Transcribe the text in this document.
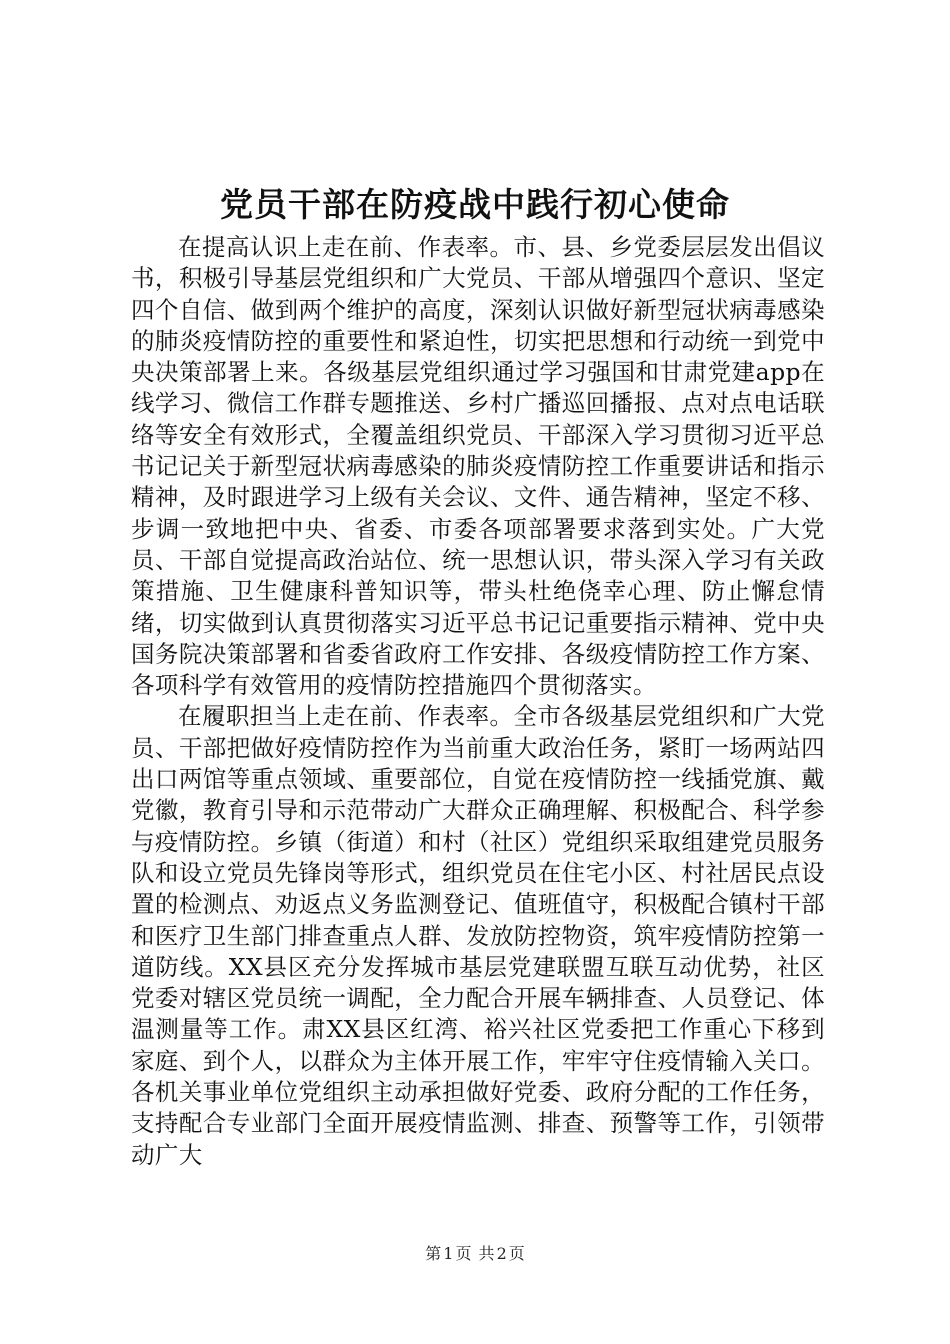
党员干部在防疫战中践行初心使命

在提高认识上走在前、作表率。市、县、乡党委层层发出倡议书，积极引导基层党组织和广大党员、干部从增强四个意识、坚定四个自信、做到两个维护的高度，深刻认识做好新型冠状病毒感染的肺炎疫情防控的重要性和紧迫性，切实把思想和行动统一到党中央决策部署上来。各级基层党组织通过学习强国和甘肃党建app在线学习、微信工作群专题推送、乡村广播巡回播报、点对点电话联络等安全有效形式，全覆盖组织党员、干部深入学习贯彻习近平总书记记关于新型冠状病毒感染的肺炎疫情防控工作重要讲话和指示精神，及时跟进学习上级有关会议、文件、通告精神，坚定不移、步调一致地把中央、省委、市委各项部署要求落到实处。广大党员、干部自觉提高政治站位、统一思想认识，带头深入学习有关政策措施、卫生健康科普知识等，带头杜绝侥幸心理、防止懈怠情绪，切实做到认真贯彻落实习近平总书记记重要指示精神、党中央国务院决策部署和省委省政府工作安排、各级疫情防控工作方案、各项科学有效管用的疫情防控措施四个贯彻落实。

在履职担当上走在前、作表率。全市各级基层党组织和广大党员、干部把做好疫情防控作为当前重大政治任务，紧盯一场两站四出口两馆等重点领域、重要部位，自觉在疫情防控一线插党旗、戴党徽，教育引导和示范带动广大群众正确理解、积极配合、科学参与疫情防控。乡镇（街道）和村（社区）党组织采取组建党员服务队和设立党员先锋岗等形式，组织党员在住宅小区、村社居民点设置的检测点、劝返点义务监测登记、值班值守，积极配合镇村干部和医疗卫生部门排查重点人群、发放防控物资，筑牢疫情防控第一道防线。XX县区充分发挥城市基层党建联盟互联互动优势，社区党委对辖区党员统一调配，全力配合开展车辆排查、人员登记、体温测量等工作。肃XX县区红湾、裕兴社区党委把工作重心下移到家庭、到个人，以群众为主体开展工作，牢牢守住疫情输入关口。各机关事业单位党组织主动承担做好党委、政府分配的工作任务，支持配合专业部门全面开展疫情监测、排查、预警等工作，引领带动广大

第 1 页 共 2 页
